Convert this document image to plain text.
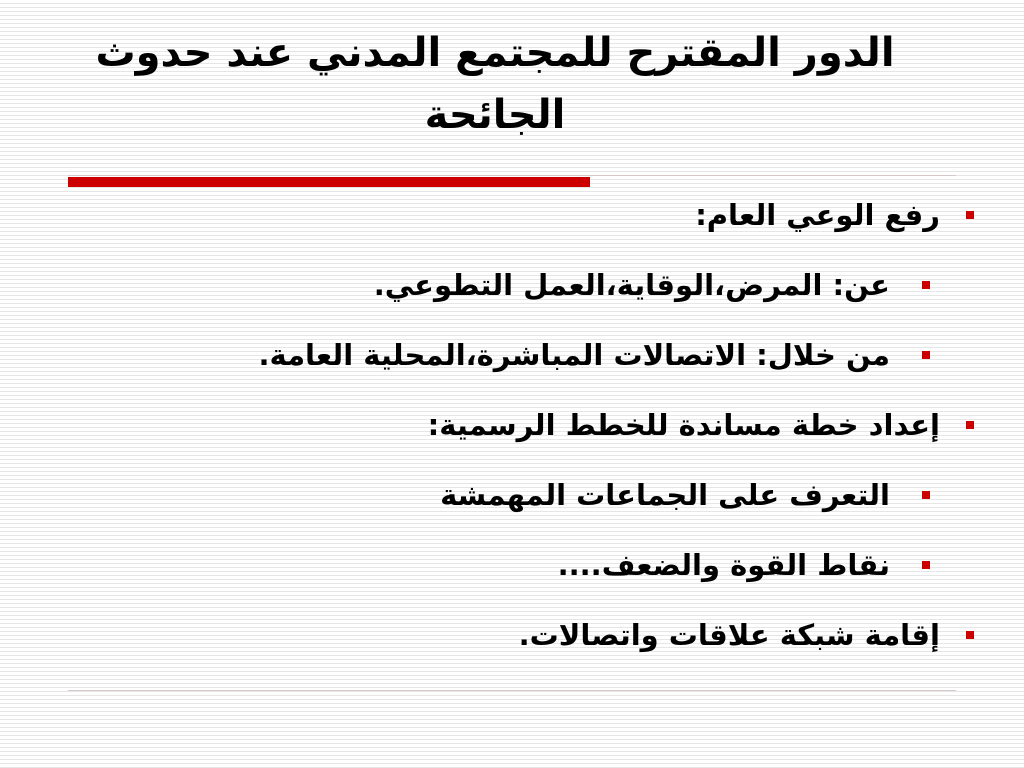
الدور المقترح للمجتمع المدني عند حدوث الجائحة
رفع الوعي العام:
عن: المرض،الوقاية،العمل التطوعي.
من خلال: الاتصالات المباشرة،المحلية العامة.
إعداد خطة مساندة للخطط الرسمية:
التعرف على الجماعات المهمشة
نقاط القوة والضعف....
إقامة شبكة علاقات واتصالات.
